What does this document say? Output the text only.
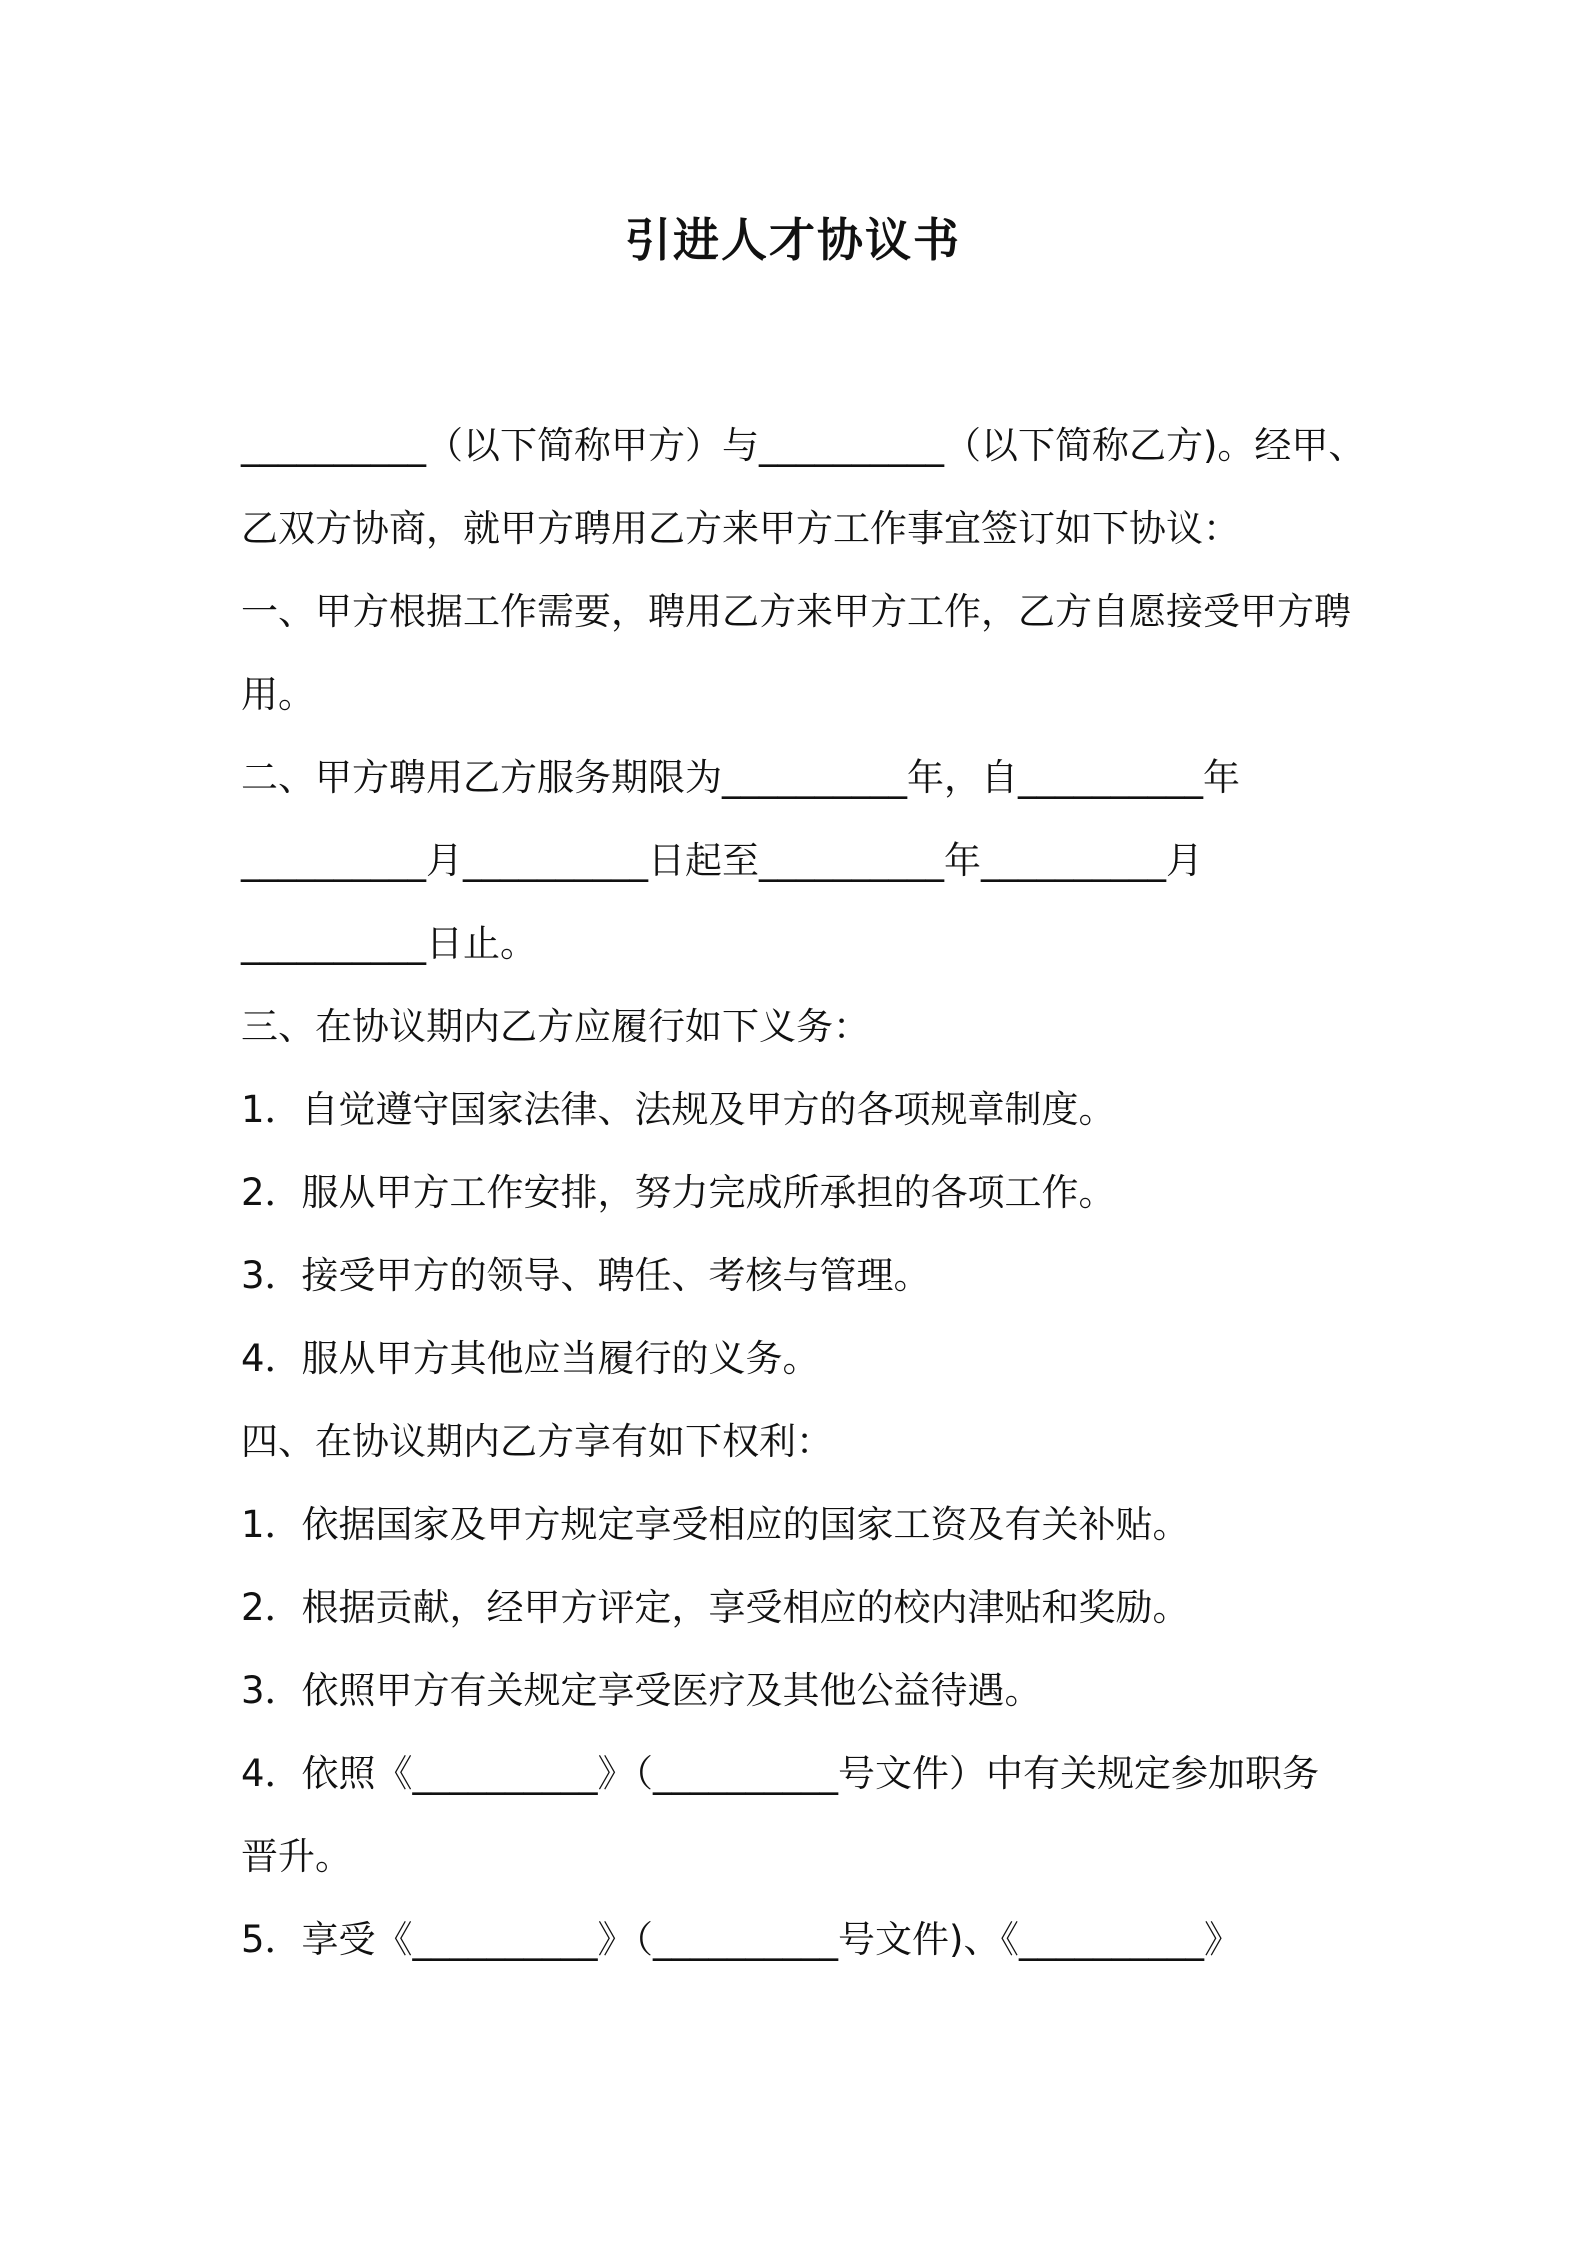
引进人才协议书

__________（以下简称甲方）与__________（以下简称乙方)。经甲、

乙双方协商，就甲方聘用乙方来甲方工作事宜签订如下协议：

一、甲方根据工作需要，聘用乙方来甲方工作，乙方自愿接受甲方聘

用。

二、甲方聘用乙方服务期限为__________年，自__________年

__________月__________日起至__________年__________月

__________日止。

三、在协议期内乙方应履行如下义务：

1．自觉遵守国家法律、法规及甲方的各项规章制度。

2．服从甲方工作安排，努力完成所承担的各项工作。

3．接受甲方的领导、聘任、考核与管理。

4．服从甲方其他应当履行的义务。

四、在协议期内乙方享有如下权利：

1．依据国家及甲方规定享受相应的国家工资及有关补贴。

2．根据贡献，经甲方评定，享受相应的校内津贴和奖励。

3．依照甲方有关规定享受医疗及其他公益待遇。

4．依照《__________》（__________号文件）中有关规定参加职务

晋升。

5．享受《__________》（__________号文件)、《__________》
